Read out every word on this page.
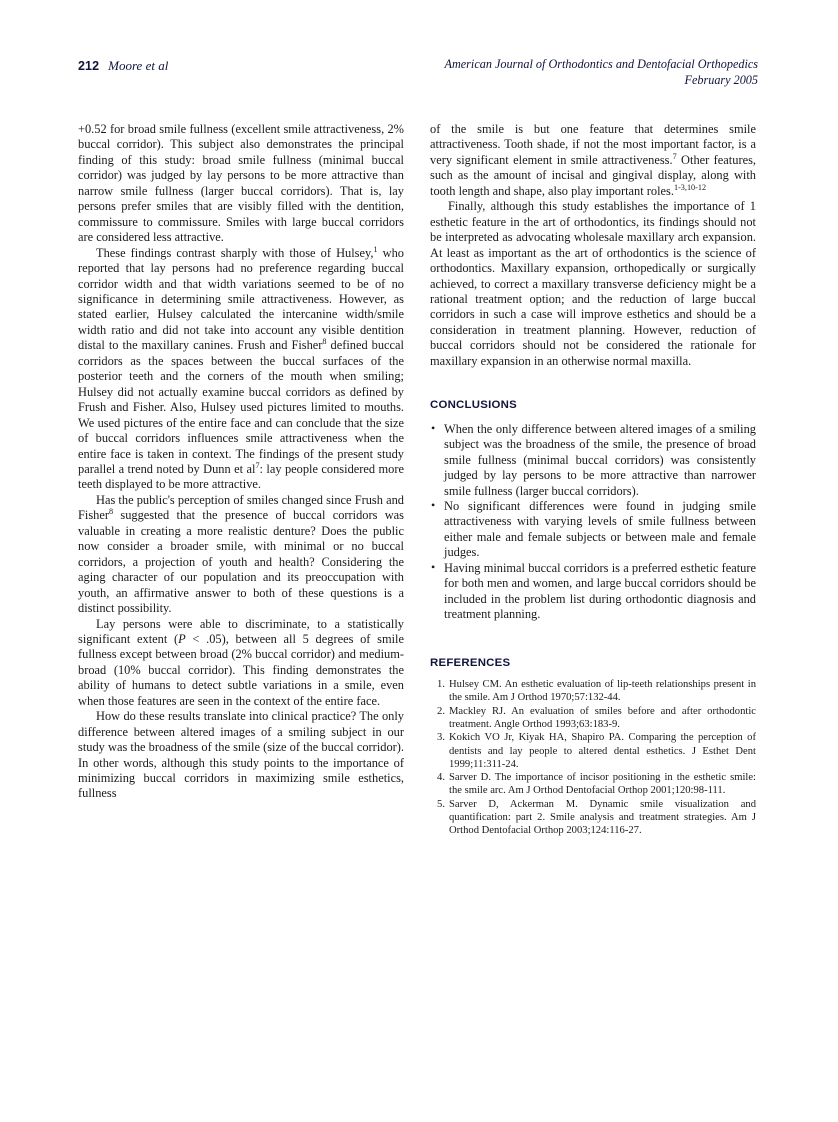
212 Moore et al	American Journal of Orthodontics and Dentofacial Orthopedics
February 2005

+0.52 for broad smile fullness (excellent smile attractiveness, 2% buccal corridor). This subject also demonstrates the principal finding of this study: broad smile fullness (minimal buccal corridor) was judged by lay persons to be more attractive than narrow smile fullness (larger buccal corridors). That is, lay persons prefer smiles that are visibly filled with the dentition, commissure to commissure. Smiles with large buccal corridors are considered less attractive.

These findings contrast sharply with those of Hulsey,$^1$ who reported that lay persons had no preference regarding buccal corridor width and that width variations seemed to be of no significance in determining smile attractiveness. However, as stated earlier, Hulsey calculated the intercanine width/smile width ratio and did not take into account any visible dentition distal to the maxillary canines. Frush and Fisher$^8$ defined buccal corridors as the spaces between the buccal surfaces of the posterior teeth and the corners of the mouth when smiling; Hulsey did not actually examine buccal corridors as defined by Frush and Fisher. Also, Hulsey used pictures limited to mouths. We used pictures of the entire face and can conclude that the size of buccal corridors influences smile attractiveness when the entire face is taken in context. The findings of the present study parallel a trend noted by Dunn et $al^7$: lay people considered more teeth displayed to be more attractive.

Has the public's perception of smiles changed since Frush and Fisher$^8$ suggested that the presence of buccal corridors was valuable in creating a more realistic denture? Does the public now consider a broader smile, with minimal or no buccal corridors, a projection of youth and health? Considering the aging character of our population and its preoccupation with youth, an affirmative answer to both of these questions is a distinct possibility.

Lay persons were able to discriminate, to a statistically significant extent (P < .05), between all 5 degrees of smile fullness except between broad (2% buccal corridor) and medium-broad (10% buccal corridor). This finding demonstrates the ability of humans to detect subtle variations in a smile, even when those features are seen in the context of the entire face.

How do these results translate into clinical practice? The only difference between altered images of a smiling subject in our study was the broadness of the smile (size of the buccal corridor). In other words, although this study points to the importance of minimizing buccal corridors in maximizing smile esthetics, fullness

of the smile is but one feature that determines smile attractiveness. Tooth shade, if not the most important factor, is a very significant element in smile attractiveness.$^7$ Other features, such as the amount of incisal and gingival display, along with tooth length and shape, also play important roles.$^{1-3,10-12}$

Finally, although this study establishes the importance of 1 esthetic feature in the art of orthodontics, its findings should not be interpreted as advocating wholesale maxillary arch expansion. At least as important as the art of orthodontics is the science of orthodontics. Maxillary expansion, orthopedically or surgically achieved, to correct a maxillary transverse deficiency might be a rational treatment option; and the reduction of large buccal corridors in such a case will improve esthetics and should be a consideration in treatment planning. However, reduction of buccal corridors should not be considered the rationale for maxillary expansion in an otherwise normal maxilla.

CONCLUSIONS
• When the only difference between altered images of a smiling subject was the broadness of the smile, the presence of broad smile fullness (minimal buccal corridors) was consistently judged by lay persons to be more attractive than narrower smile fullness (larger buccal corridors).
• No significant differences were found in judging smile attractiveness with varying levels of smile fullness between either male and female subjects or between male and female judges.
• Having minimal buccal corridors is a preferred esthetic feature for both men and women, and large buccal corridors should be included in the problem list during orthodontic diagnosis and treatment planning.
REFERENCES
1. Hulsey CM. An esthetic evaluation of lip-teeth relationships present in the smile. Am J Orthod 1970;57:132-44.
2. Mackley RJ. An evaluation of smiles before and after orthodontic treatment. Angle Orthod 1993;63:183-9.
3. Kokich VO Jr, Kiyak HA, Shapiro PA. Comparing the perception of dentists and lay people to altered dental esthetics. J Esthet Dent 1999;11:311-24.
4. Sarver D. The importance of incisor positioning in the esthetic smile: the smile arc. Am J Orthod Dentofacial Orthop 2001;120:98-111.
5. Sarver D, Ackerman M. Dynamic smile visualization and quantification: part 2. Smile analysis and treatment strategies. Am J Orthod Dentofacial Orthop 2003;124:116-27.
